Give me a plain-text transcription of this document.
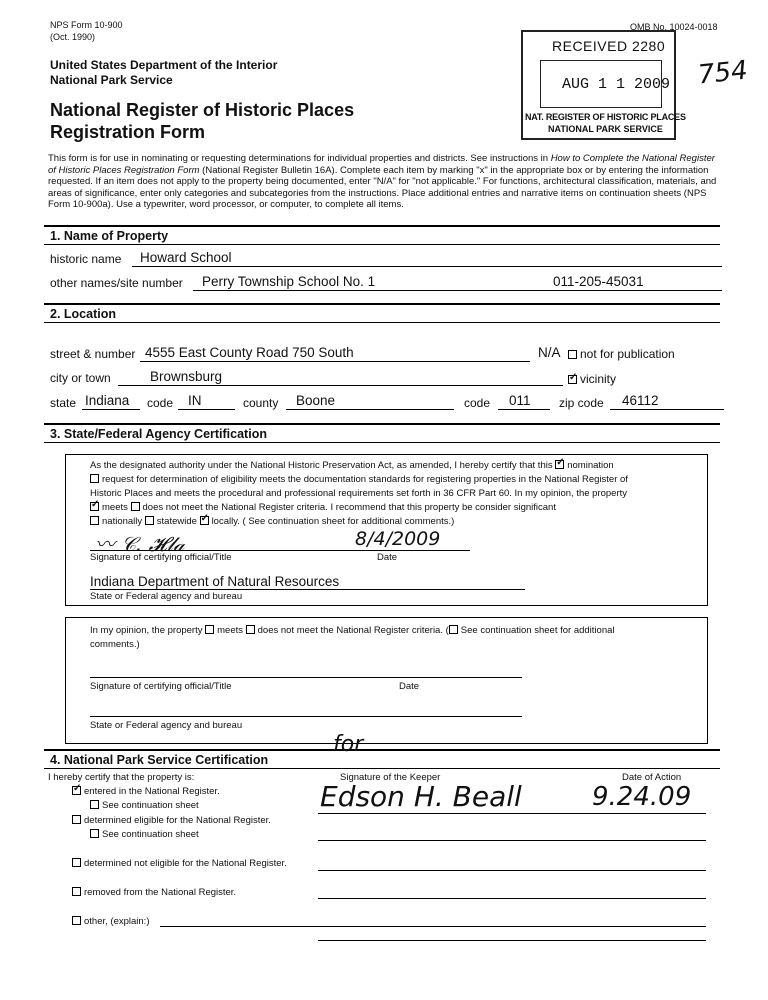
NPS Form 10-900
(Oct. 1990)
OMB No. 10024-0018
United States Department of the Interior
National Park Service
National Register of Historic Places
Registration Form
RECEIVED 2280
AUG 1 1 2009
NAT. REGISTER OF HISTORIC PLACES
NATIONAL PARK SERVICE
754
This form is for use in nominating or requesting determinations for individual properties and districts. See instructions in How to Complete the National Register of Historic Places Registration Form (National Register Bulletin 16A). Complete each item by marking "x" in the appropriate box or by entering the information requested. If an item does not apply to the property being documented, enter "N/A" for "not applicable." For functions, architectural classification, materials, and areas of significance, enter only categories and subcategories from the instructions. Place additional entries and narrative items on continuation sheets (NPS Form 10-900a). Use a typewriter, word processor, or computer, to complete all items.
1. Name of Property
historic name Howard School
other names/site number Perry Township School No. 1	011-205-45031
2. Location
street & number 4555 East County Road 750 South	N/A	not for publication
city or town	Brownsburg ✓	vicinity
state Indiana code IN	county Boone	code 011 zip code 46112
3. State/Federal Agency Certification
As the designated authority under the National Historic Preservation Act, as amended, I hereby certify that this ✓ nomination
request for determination of eligibility meets the documentation standards for registering properties in the National Register of
Historic Places and meets the procedural and professional requirements set forth in 36 CFR Part 60. In my opinion, the property
✓meets does not meet the National Register criteria. I recommend that this property be consider significant
nationally statewide ✓ locally. ( See continuation sheet for additional comments.)
〰 𝒞. 𝓗𝓁𝒶	8/4/2009
Signature of certifying official/Title	Date
Indiana Department of Natural Resources
State or Federal agency and bureau
In my opinion, the property meets does not meet the National Register criteria. ( See continuation sheet for additional
comments.)
Signature of certifying official/Title	Date
State or Federal agency and bureau
4. National Park Service Certification
I hereby certify that the property is:
for
Signature of the Keeper	Date of Action
Edson H. Beall	9.24.09
✓entered in the National Register.
See continuation sheet
determined eligible for the National Register.
See continuation sheet
determined not eligible for the National Register.
removed from the National Register.
other, (explain:)
